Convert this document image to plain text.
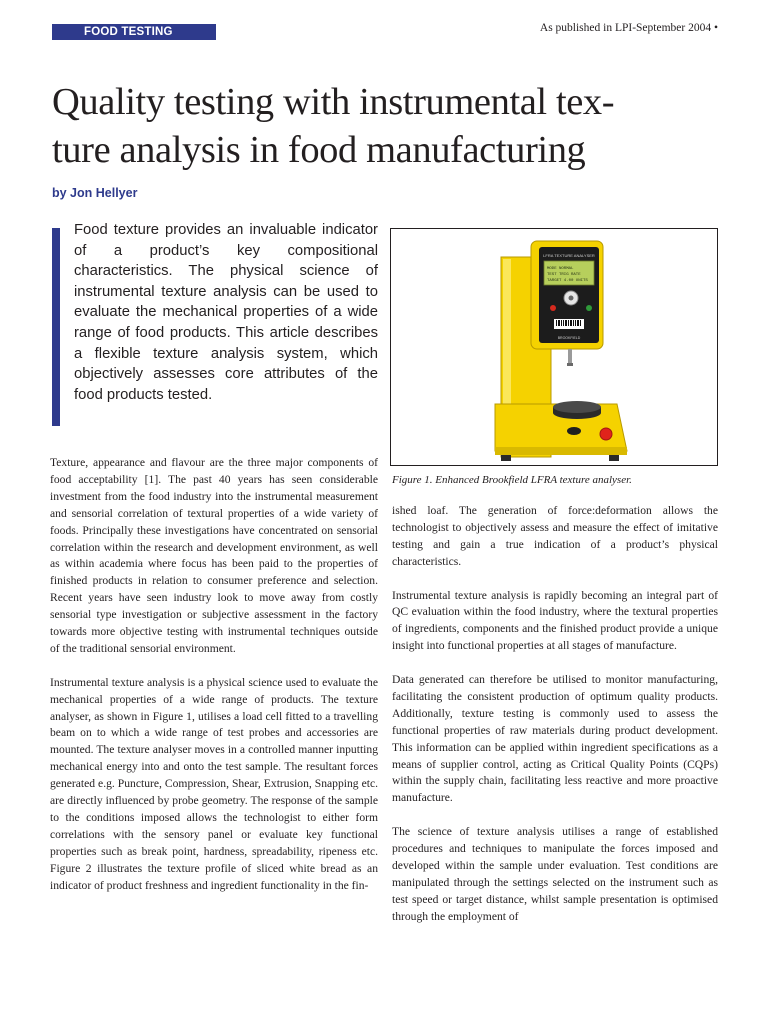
FOOD TESTING	As published in LPI-September 2004 •
Quality testing with instrumental tex-
ture analysis in food manufacturing
by Jon Hellyer

Food texture provides an invaluable indicator of a product’s key compositional characteristics. The physical science of instrumental texture analysis can be used to evaluate the mechanical properties of a wide range of food products. This article describes a flexible texture analysis system, which objectively assesses core attributes of the food products tested.

LFRA TEXTURE ANALYSER
MODE NORMAL
TEST TRIG RATE
TARGET 4.00 UNITS
BROOKFIELD
Figure 1. Enhanced Brookfield LFRA texture analyser.

Texture, appearance and flavour are the three major components of food acceptability [1]. The past 40 years has seen considerable investment from the food industry into the instrumental measurement and sensorial correlation of textural properties of a wide variety of foods. Principally these investigations have concentrated on sensorial correlation within the research and development environment, as well as within academia where focus has been paid to the properties of finished products in relation to consumer preference and selection. Recent years have seen industry look to move away from costly sensorial type investigation or subjective assessment in the factory towards more objective testing with instrumental techniques outside of the traditional sensorial environment.

Instrumental texture analysis is a physical science used to evaluate the mechanical properties of a wide range of products. The texture analyser, as shown in Figure 1, utilises a load cell fitted to a travelling beam on to which a wide range of test probes and accessories are mounted. The texture analyser moves in a controlled manner inputting mechanical energy into and onto the test sample. The resultant forces generated e.g. Puncture, Compression, Shear, Extrusion, Snapping etc. are directly influenced by probe geometry. The response of the sample to the conditions imposed allows the technologist to either form correlations with the sensory panel or evaluate key functional properties such as break point, hardness, spreadability, ripeness etc. Figure 2 illustrates the texture profile of sliced white bread as an indicator of product freshness and ingredient functionality in the fin-

ished loaf. The generation of force:deformation allows the technologist to objectively assess and measure the effect of imitative testing and gain a true indication of a product’s physical characteristics.

Instrumental texture analysis is rapidly becoming an integral part of QC evaluation within the food industry, where the textural properties of ingredients, components and the finished product provide a unique insight into functional properties at all stages of manufacture.

Data generated can therefore be utilised to monitor manufacturing, facilitating the consistent production of optimum quality products. Additionally, texture testing is commonly used to assess the functional properties of raw materials during product development. This information can be applied within ingredient specifications as a means of supplier control, acting as Critical Quality Points (CQPs) within the supply chain, facilitating less reactive and more proactive manufacture.

The science of texture analysis utilises a range of established procedures and techniques to manipulate the forces imposed and developed within the sample under evaluation. Test conditions are manipulated through the settings selected on the instrument such as test speed or target distance, whilst sample presentation is optimised through the employment of
